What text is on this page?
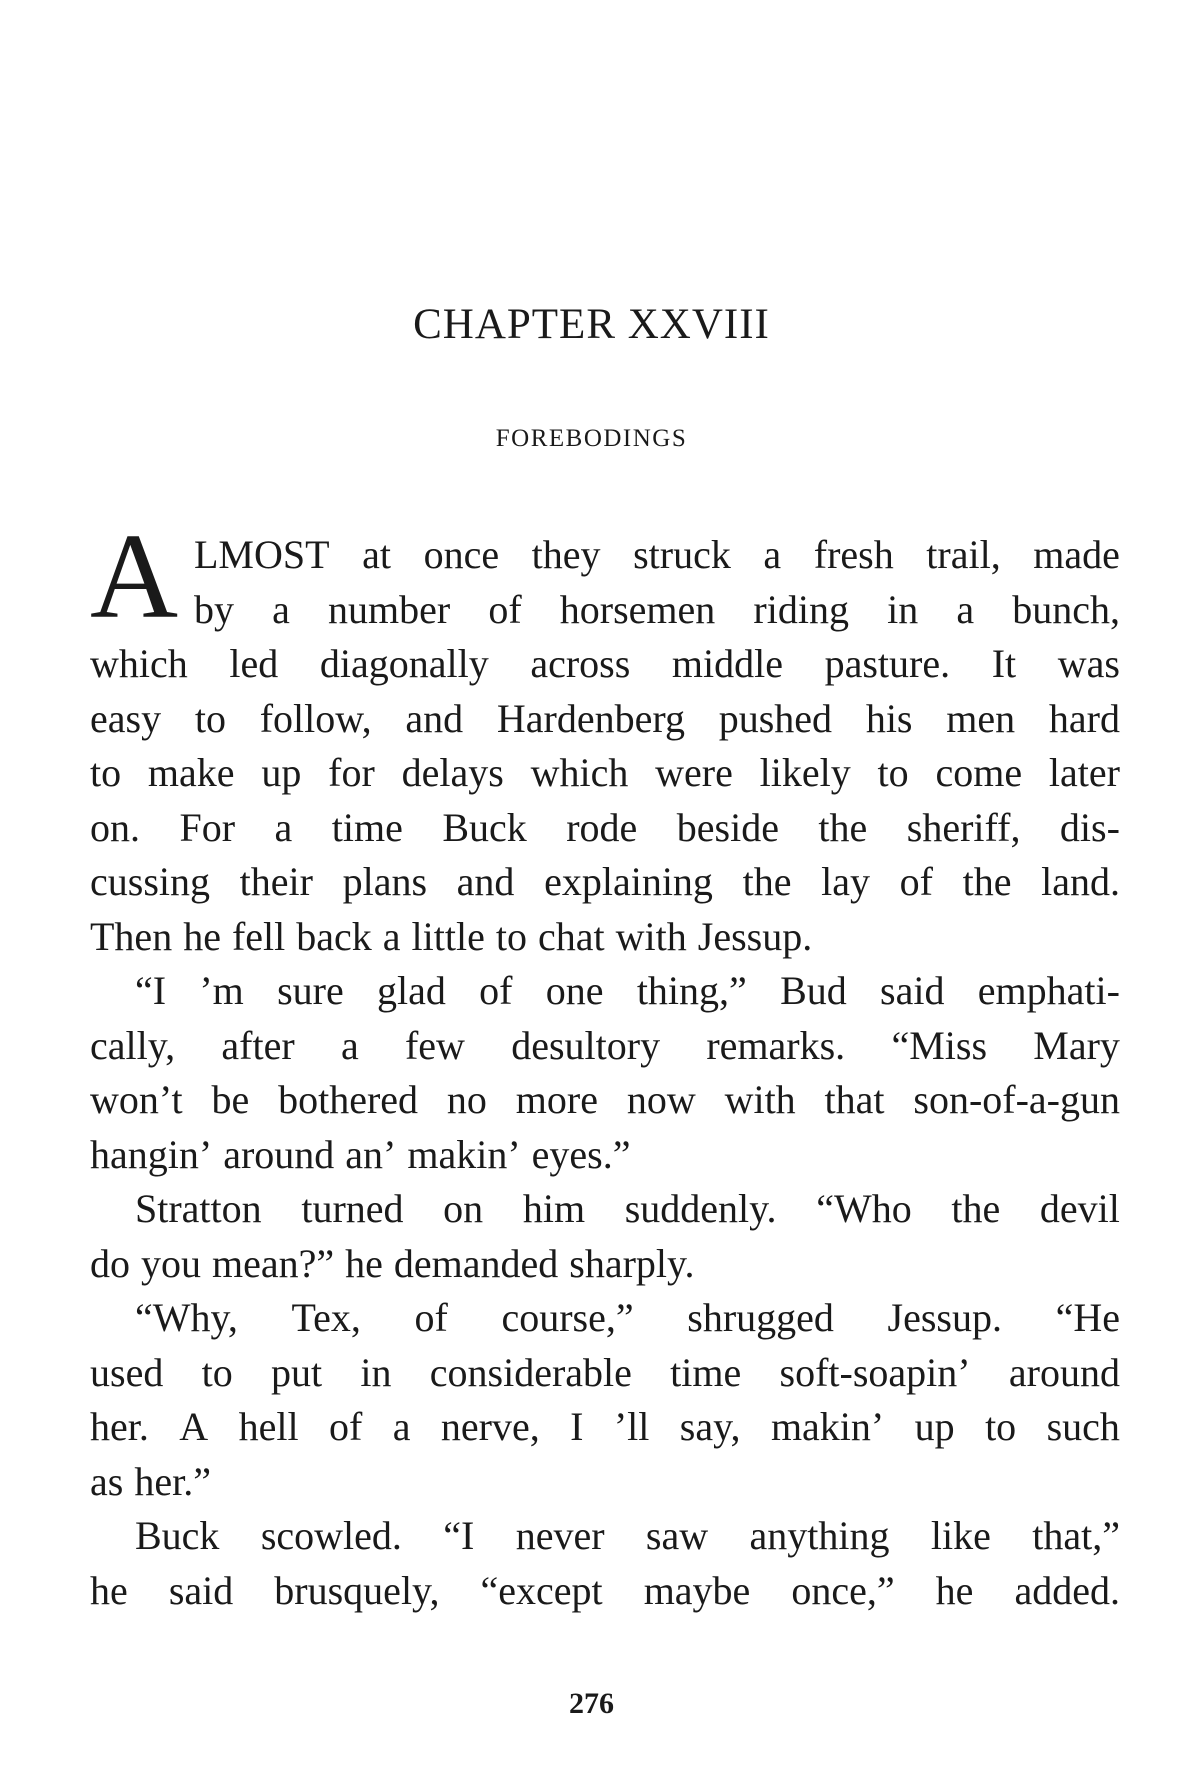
CHAPTER XXVIII
FOREBODINGS
A LMOST at once they struck a fresh trail, made
by a number of horsemen riding in a bunch,
which led diagonally across middle pasture. It was
easy to follow, and Hardenberg pushed his men hard
to make up for delays which were likely to come later
on. For a time Buck rode beside the sheriff, dis-
cussing their plans and explaining the lay of the land.
Then he fell back a little to chat with Jessup.
“I ’m sure glad of one thing,” Bud said emphati-
cally, after a few desultory remarks. “Miss Mary
won’t be bothered no more now with that son-of-a-gun
hangin’ around an’ makin’ eyes.”
Stratton turned on him suddenly. “Who the devil
do you mean?” he demanded sharply.
“Why, Tex, of course,” shrugged Jessup. “He
used to put in considerable time soft-soapin’ around
her. A hell of a nerve, I ’ll say, makin’ up to such
as her.”
Buck scowled. “I never saw anything like that,”
he said brusquely, “except maybe once,” he added.
276
